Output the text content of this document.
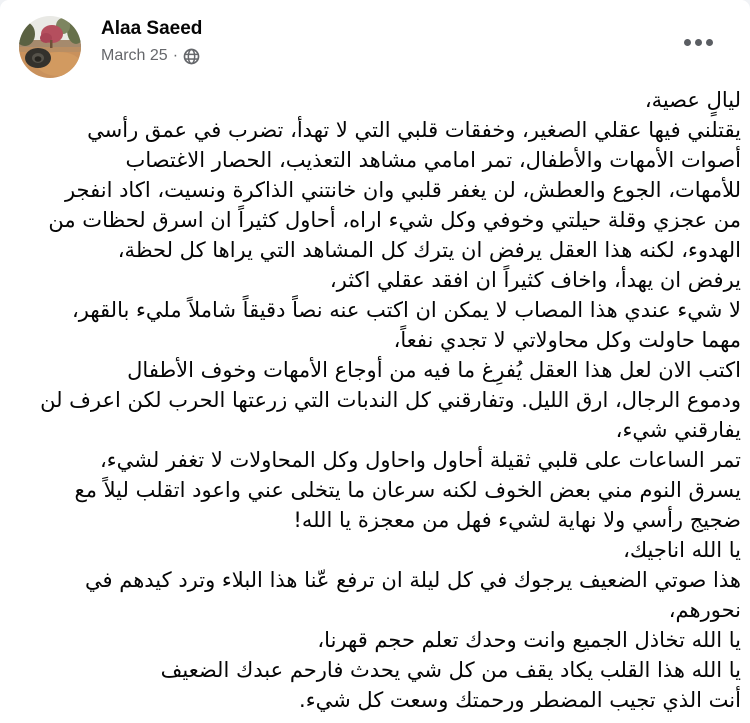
Alaa Saeed
March 25 ·
ليالٍ عصية،
يقتلني فيها عقلي الصغير، وخفقات قلبي التي لا تهدأ، تضرب في عمق رأسي
أصوات الأمهات والأطفال، تمر امامي مشاهد التعذيب، الحصار الاغتصاب
للأمهات، الجوع والعطش، لن يغفر قلبي وان خانتني الذاكرة ونسيت، اكاد انفجر
من عجزي وقلة حيلتي وخوفي وكل شيء اراه، أحاول كثيراً ان اسرق لحظات من
الهدوء، لكنه هذا العقل يرفض ان يترك كل المشاهد التي يراها كل لحظة،
يرفض ان يهدأ، واخاف كثيراً ان افقد عقلي اكثر،
لا شيء عندي هذا المصاب لا يمكن ان اكتب عنه نصاً دقيقاً شاملاً مليء بالقهر،
مهما حاولت وكل محاولاتي لا تجدي نفعاً،
اكتب الان لعل هذا العقل يُفرِغ ما فيه من أوجاع الأمهات وخوف الأطفال
ودموع الرجال، ارق الليل. وتفارقني كل الندبات التي زرعتها الحرب لكن اعرف لن
يفارقني شيء،
تمر الساعات على قلبي ثقيلة أحاول واحاول وكل المحاولات لا تغفر لشيء،
يسرق النوم مني بعض الخوف لكنه سرعان ما يتخلى عني واعود اتقلب ليلاً مع
ضجيج رأسي ولا نهاية لشيء فهل من معجزة يا الله!
يا الله اناجيك،
هذا صوتي الضعيف يرجوك في كل ليلة ان ترفع عّنا هذا البلاء وترد كيدهم في
نحورهم،
يا الله تخاذل الجميع وانت وحدك تعلم حجم قهرنا،
يا الله هذا القلب يكاد يقف من كل شي يحدث فارحم عبدك الضعيف
أنت الذي تجيب المضطر ورحمتك وسعت كل شيء.
